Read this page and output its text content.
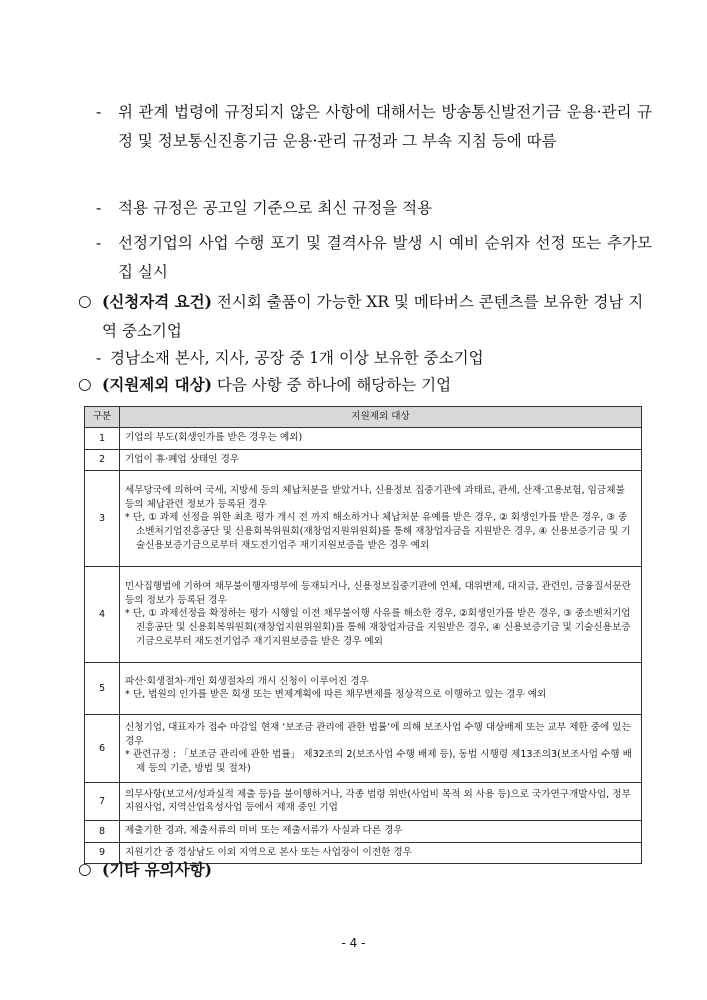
-	위 관계 법령에 규정되지 않은 사항에 대해서는 방송통신발전기금 운용·관리 규정 및 정보통신진흥기금 운용·관리 규정과 그 부속 지침 등에 따름
-	적용 규정은 공고일 기준으로 최신 규정을 적용
-	선정기업의 사업 수행 포기 및 결격사유 발생 시 예비 순위자 선정 또는 추가모집 실시
○ (신청자격 요건) 전시회 출품이 가능한 XR 및 메타버스 콘텐츠를 보유한 경남 지역 중소기업
- 경남소재 본사, 지사, 공장 중 1개 이상 보유한 중소기업
○ (지원제외 대상) 다음 사항 중 하나에 해당하는 기업
구분	지원제외 대상
1	기업의 부도(회생인가를 받은 경우는 예외)

2	기업이 휴·폐업 상태인 경우

3	세무당국에 의하여 국세, 지방세 등의 체납처분을 받았거나, 신용정보 집중기관에 과태료, 관세, 산재·고용보험, 임금체불 등의 체납관련 정보가 등록된 경우
* 단, ① 과제 선정을 위한 최초 평가 개시 전 까지 해소하거나 체납처분 유예를 받은 경우, ② 회생인가를 받은 경우, ③ 중소벤처기업진흥공단 및 신용회복위원회(재창업지원위원회)를 통해 재창업자금을 지원받은 경우, ④ 신용보증기금 및 기술신용보증기금으로부터 재도전기업주 재기지원보증을 받은 경우 예외

4	민사집행법에 기하여 채무불이행자명부에 등재되거나, 신용정보집중기관에 연체, 대위변제, 대지급, 관련인, 금융질서문란 등의 정보가 등록된 경우
* 단, ① 과제선정을 확정하는 평가 시행일 이전 채무불이행 사유를 해소한 경우, ②회생인가를 받은 경우, ③ 중소벤처기업진흥공단 및 신용회복위원회(재창업지원위원회)를 통해 재창업자금을 지원받은 경우, ④ 신용보증기금 및 기술신용보증기금으로부터 재도전기업주 재기지원보증을 받은 경우 예외

5	파산·회생절차·개인 회생절차의 개시 신청이 이루어진 경우
* 단, 법원의 인가를 받은 회생 또는 변제계획에 따른 채무변제를 정상적으로 이행하고 있는 경우 예외

6	신청기업, 대표자가 접수 마감일 현재 ‘보조금 관리에 관한 법률’에 의해 보조사업 수행 대상배제 또는 교부 제한 중에 있는 경우
* 관련규정 : 「보조금 관리에 관한 법률」 제32조의 2(보조사업 수행 배제 등), 동법 시행령 제13조의3(보조사업 수행 배제 등의 기준, 방법 및 절차)

7	의무사항(보고서/성과실적 제출 등)을 불이행하거나, 각종 법령 위반(사업비 목적 외 사용 등)으로 국가연구개발사업, 정부지원사업, 지역산업육성사업 등에서 제재 중인 기업

8	제출기한 경과, 제출서류의 미비 또는 제출서류가 사실과 다른 경우

9	지원기간 중 경상남도 이외 지역으로 본사 또는 사업장이 이전한 경우
○ (기타 유의사항)
- 4 -
